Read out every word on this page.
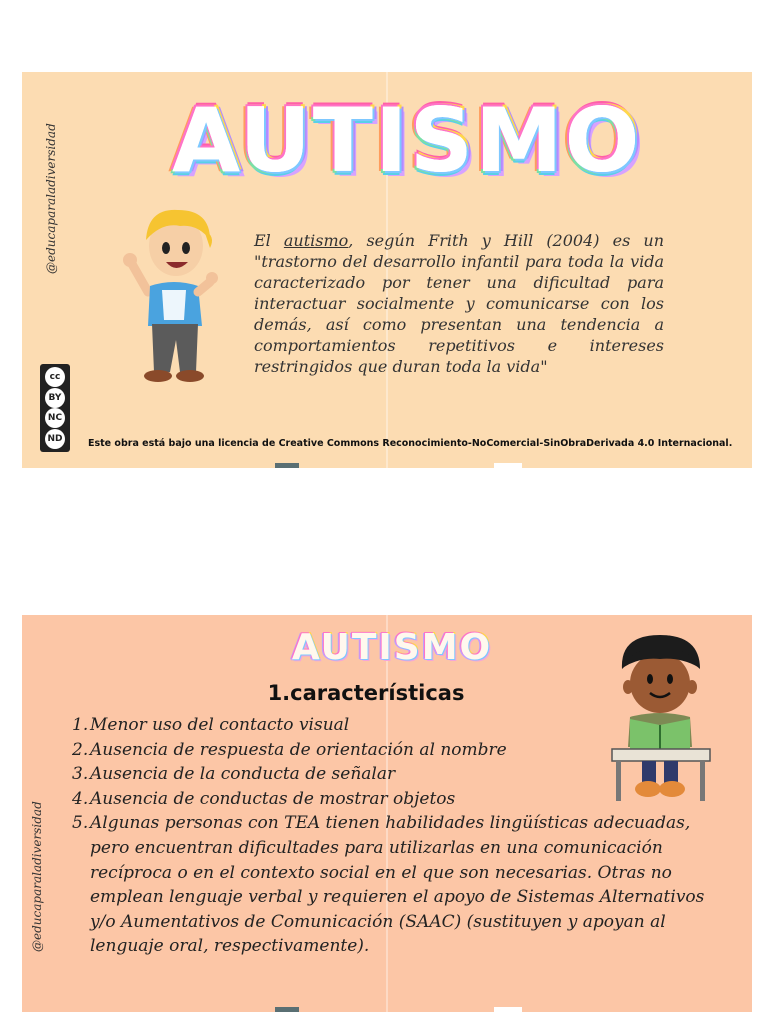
AUTISMO
@educaparaladiversidad	El autismo, según Frith y Hill (2004) es un "trastorno del desarrollo infantil para toda la vida caracterizado por tener una dificultad para interactuar socialmente y comunicarse con los demás, así como presentan una tendencia a comportamientos repetitivos e intereses restringidos que duran toda la vida"
cc
BY
NC
ND	Este obra está bajo una licencia de Creative Commons Reconocimiento-NoComercial-SinObraDerivada 4.0 Internacional.
AUTISMO
@educaparaladiversidad
1.características
1. Menor uso del contacto visual
2. Ausencia de respuesta de orientación al nombre
3. Ausencia de la conducta de señalar
4. Ausencia de conductas de mostrar objetos
5. Algunas personas con TEA tienen habilidades lingüísticas adecuadas, pero encuentran dificultades para utilizarlas en una comunicación recíproca o en el contexto social en el que son necesarias. Otras no emplean lenguaje verbal y requieren el apoyo de Sistemas Alternativos y/o Aumentativos de Comunicación (SAAC) (sustituyen y apoyan al lenguaje oral, respectivamente).
